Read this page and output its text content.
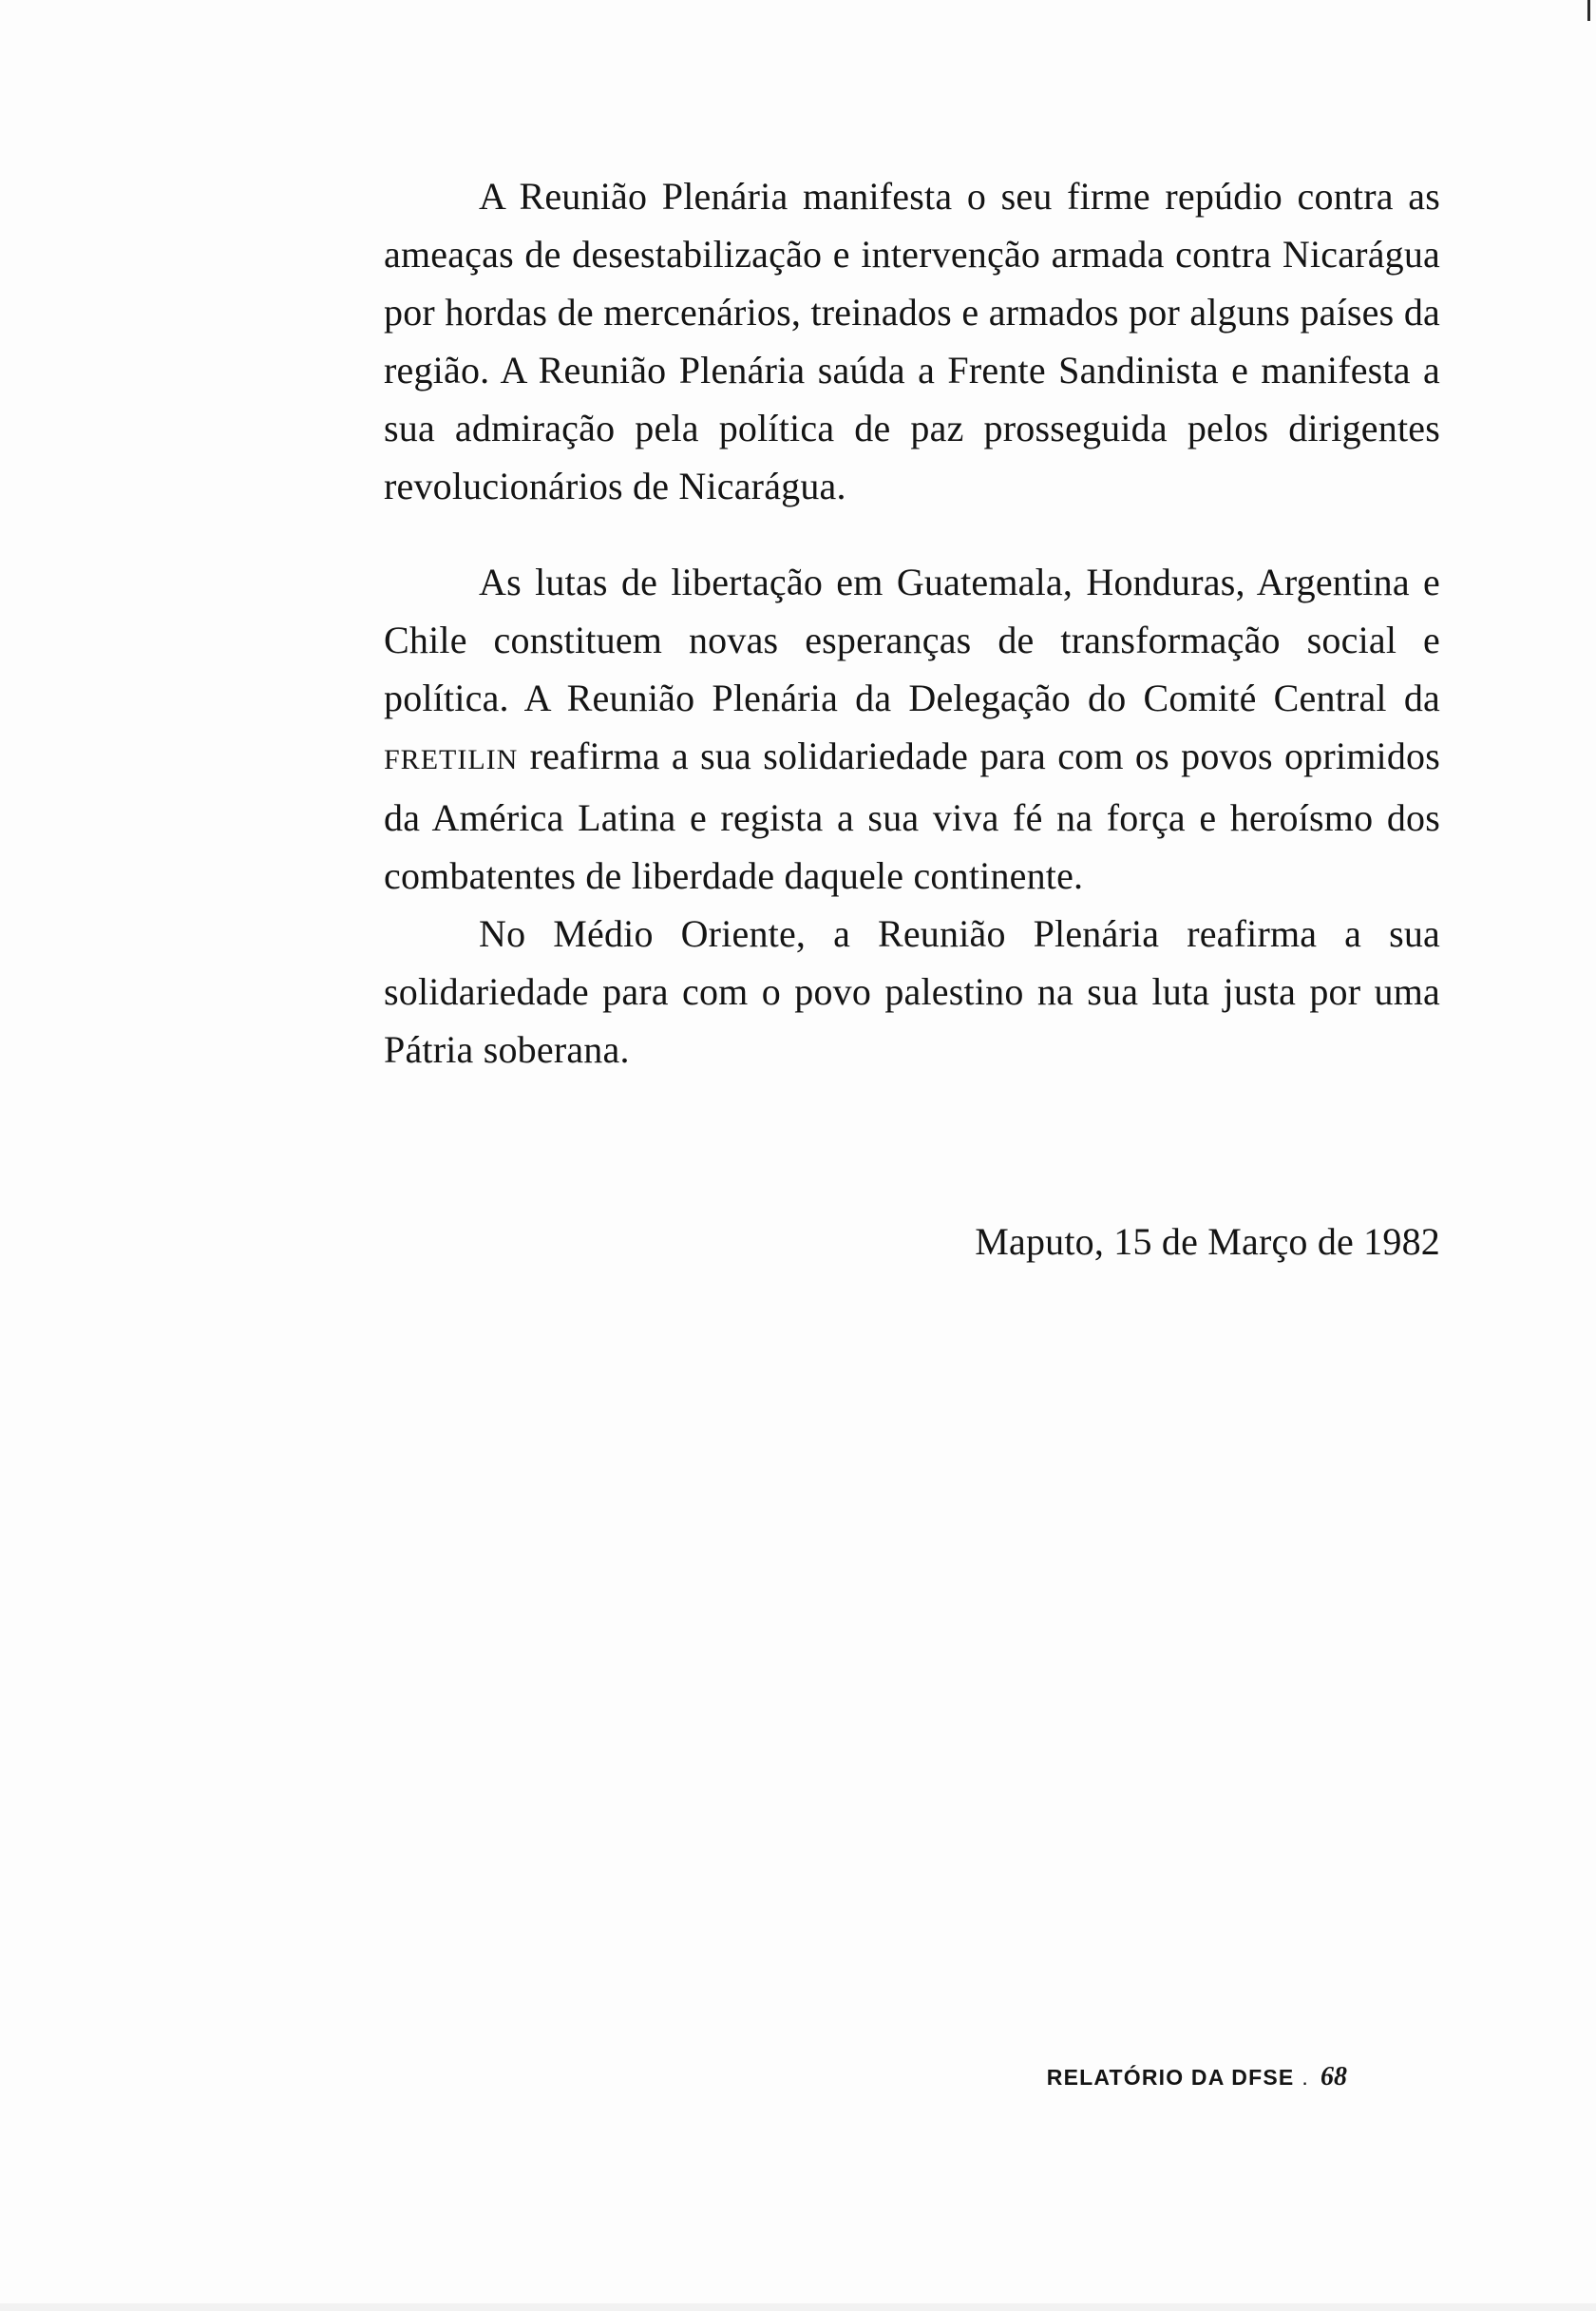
A Reunião Plenária manifesta o seu firme repúdio contra as ameaças de desestabilização e intervenção armada contra Nicarágua por hordas de mercenários, treinados e armados por alguns países da região. A Reunião Plenária saúda a Frente Sandinista e manifesta a sua admiração pela política de paz prosseguida pelos dirigentes revolucionários de Nicarágua.

As lutas de libertação em Guatemala, Honduras, Argentina e Chile constituem novas esperanças de transformação social e política. A Reunião Plenária da Delegação do Comité Central da FRETILIN reafirma a sua solidariedade para com os povos oprimidos da América Latina e regista a sua viva fé na força e heroísmo dos combatentes de liberdade daquele continente.

No Médio Oriente, a Reunião Plenária reafirma a sua solidariedade para com o povo palestino na sua luta justa por uma Pátria soberana.

Maputo, 15 de Março de 1982
RELATÓRIO DA DFSE . 68
